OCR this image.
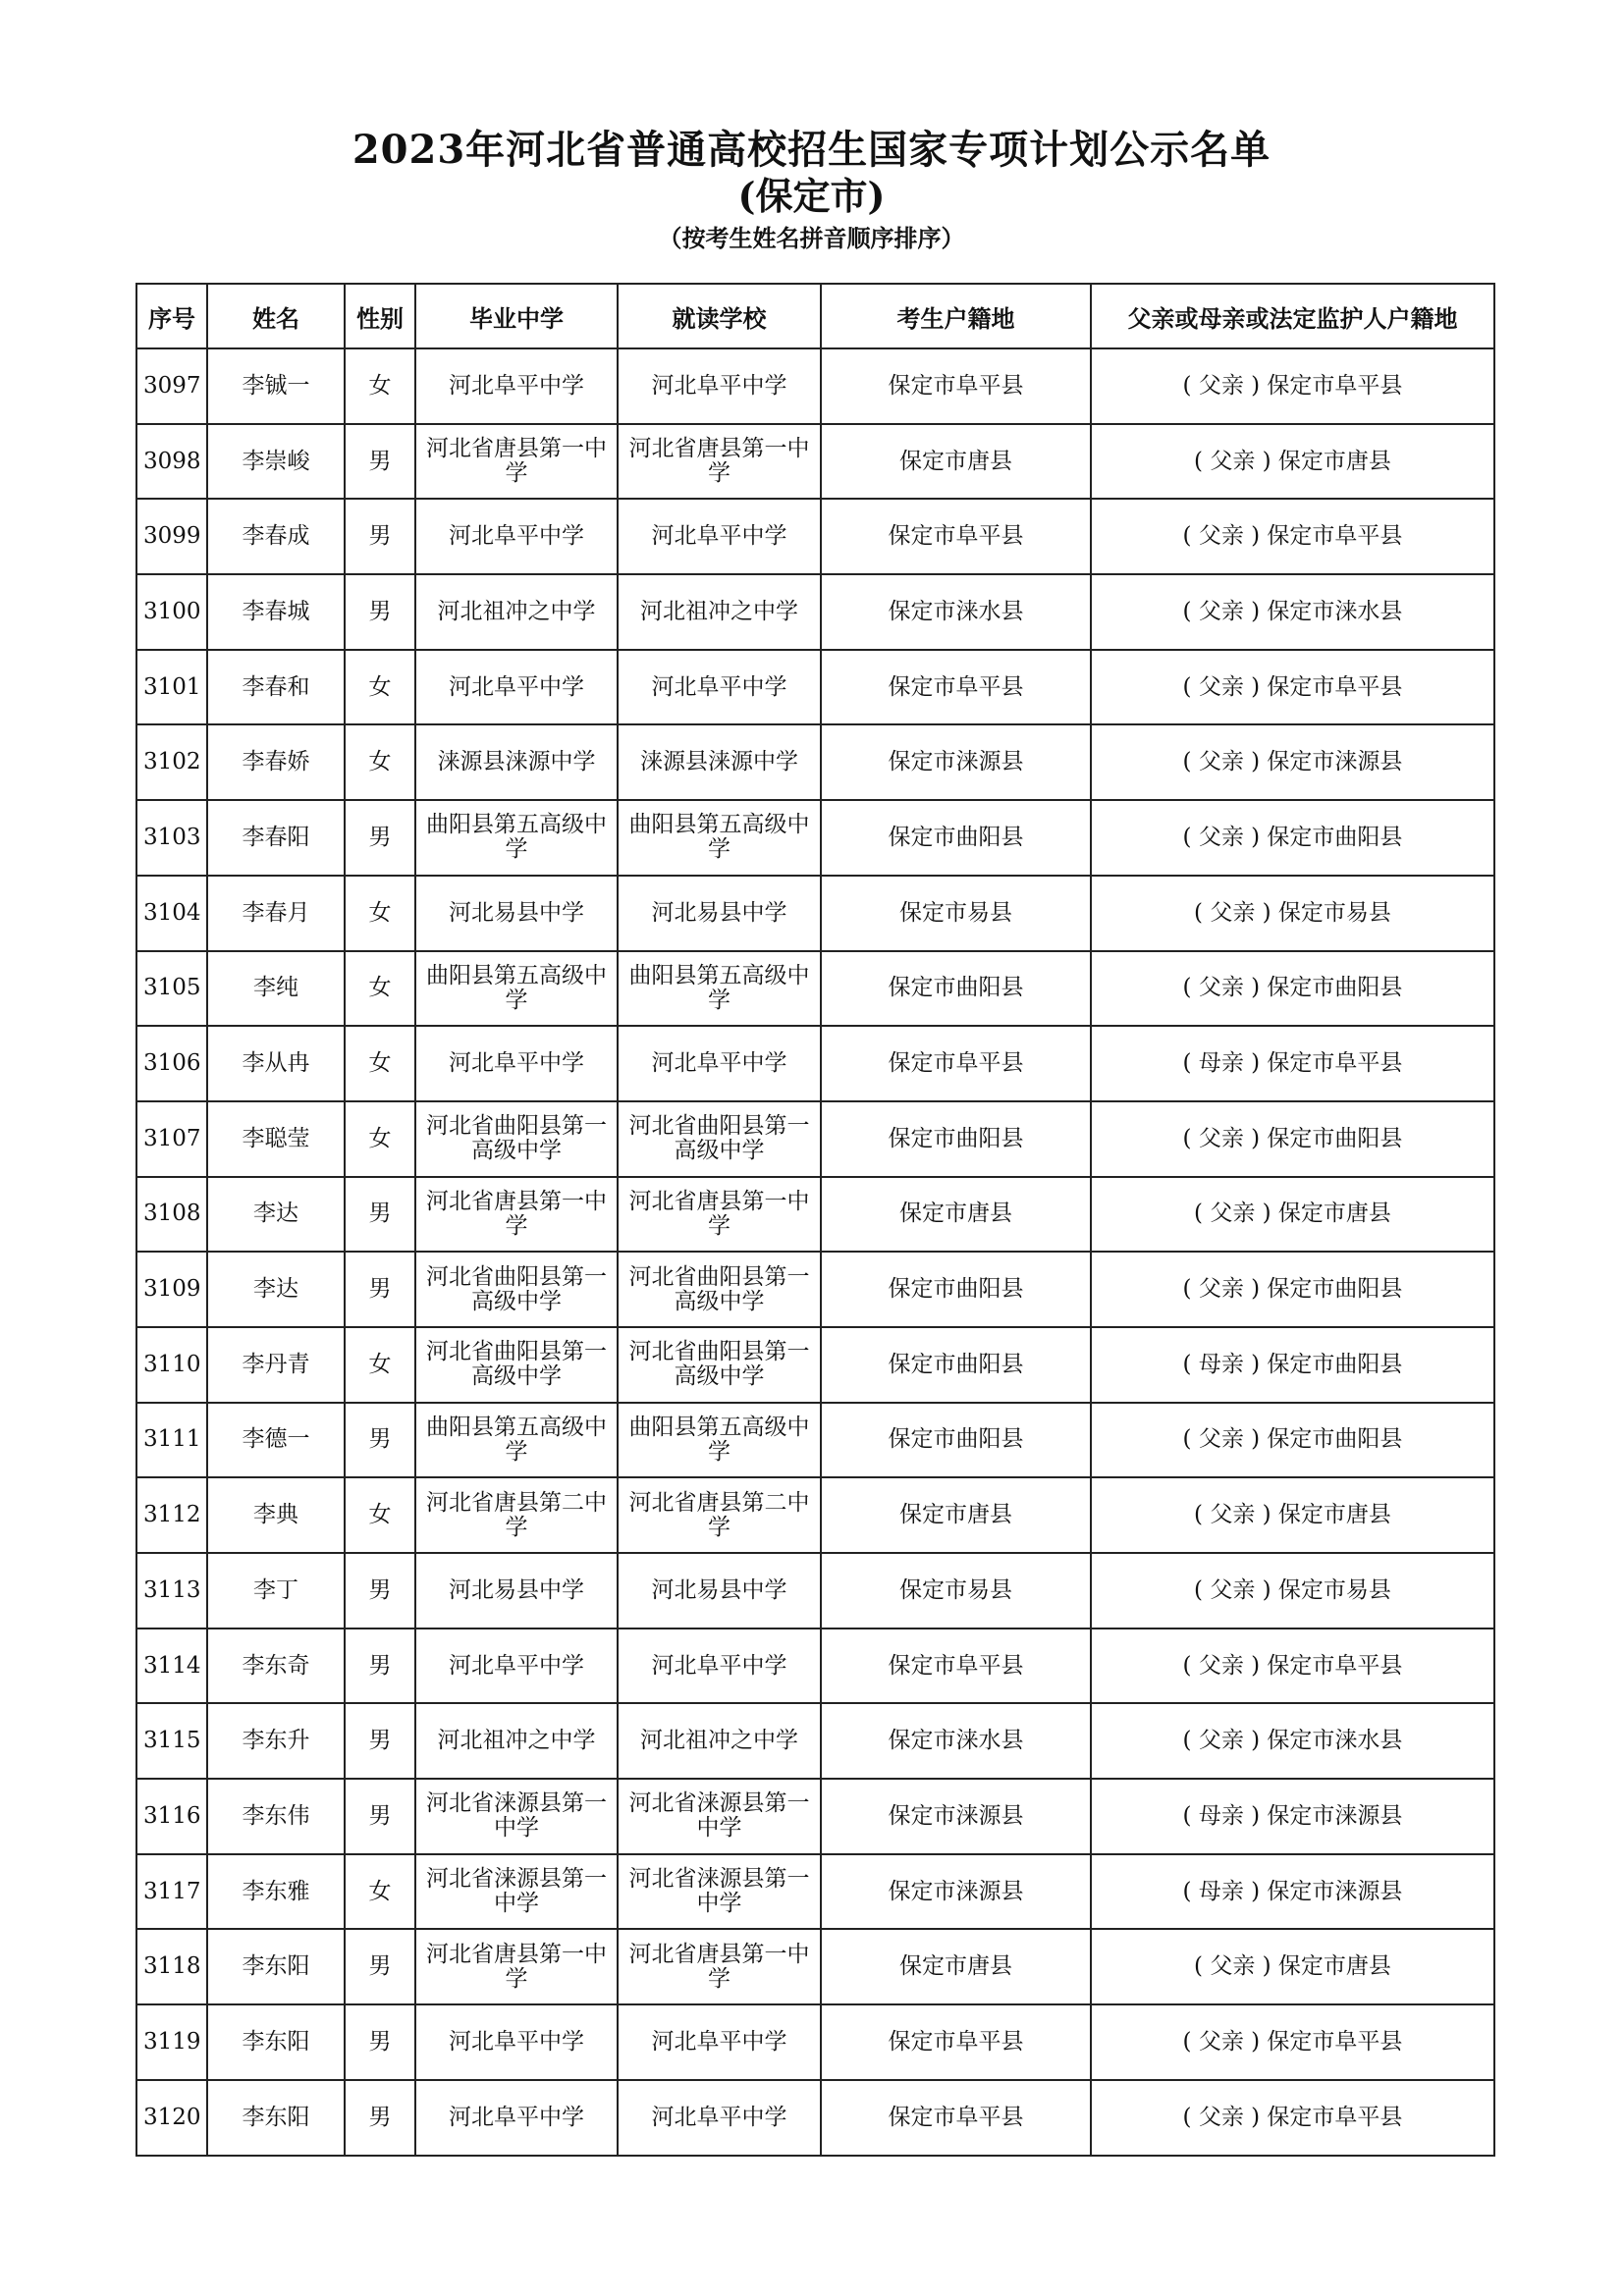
2023年河北省普通高校招生国家专项计划公示名单
(保定市)
（按考生姓名拼音顺序排序）
序号	姓名	性别	毕业中学	就读学校	考生户籍地	父亲或母亲或法定监护人户籍地
3097	李铖一	女	河北阜平中学	河北阜平中学	保定市阜平县	( 父亲 ) 保定市阜平县
3098	李崇峻	男	河北省唐县第一中学	河北省唐县第一中学	保定市唐县	( 父亲 ) 保定市唐县
3099	李春成	男	河北阜平中学	河北阜平中学	保定市阜平县	( 父亲 ) 保定市阜平县
3100	李春城	男	河北祖冲之中学	河北祖冲之中学	保定市涞水县	( 父亲 ) 保定市涞水县
3101	李春和	女	河北阜平中学	河北阜平中学	保定市阜平县	( 父亲 ) 保定市阜平县
3102	李春娇	女	涞源县涞源中学	涞源县涞源中学	保定市涞源县	( 父亲 ) 保定市涞源县
3103	李春阳	男	曲阳县第五高级中学	曲阳县第五高级中学	保定市曲阳县	( 父亲 ) 保定市曲阳县
3104	李春月	女	河北易县中学	河北易县中学	保定市易县	( 父亲 ) 保定市易县
3105	李纯	女	曲阳县第五高级中学	曲阳县第五高级中学	保定市曲阳县	( 父亲 ) 保定市曲阳县
3106	李从冉	女	河北阜平中学	河北阜平中学	保定市阜平县	( 母亲 ) 保定市阜平县
3107	李聪莹	女	河北省曲阳县第一高级中学	河北省曲阳县第一高级中学	保定市曲阳县	( 父亲 ) 保定市曲阳县
3108	李达	男	河北省唐县第一中学	河北省唐县第一中学	保定市唐县	( 父亲 ) 保定市唐县
3109	李达	男	河北省曲阳县第一高级中学	河北省曲阳县第一高级中学	保定市曲阳县	( 父亲 ) 保定市曲阳县
3110	李丹青	女	河北省曲阳县第一高级中学	河北省曲阳县第一高级中学	保定市曲阳县	( 母亲 ) 保定市曲阳县
3111	李德一	男	曲阳县第五高级中学	曲阳县第五高级中学	保定市曲阳县	( 父亲 ) 保定市曲阳县
3112	李典	女	河北省唐县第二中学	河北省唐县第二中学	保定市唐县	( 父亲 ) 保定市唐县
3113	李丁	男	河北易县中学	河北易县中学	保定市易县	( 父亲 ) 保定市易县
3114	李东奇	男	河北阜平中学	河北阜平中学	保定市阜平县	( 父亲 ) 保定市阜平县
3115	李东升	男	河北祖冲之中学	河北祖冲之中学	保定市涞水县	( 父亲 ) 保定市涞水县
3116	李东伟	男	河北省涞源县第一中学	河北省涞源县第一中学	保定市涞源县	( 母亲 ) 保定市涞源县
3117	李东雅	女	河北省涞源县第一中学	河北省涞源县第一中学	保定市涞源县	( 母亲 ) 保定市涞源县
3118	李东阳	男	河北省唐县第一中学	河北省唐县第一中学	保定市唐县	( 父亲 ) 保定市唐县
3119	李东阳	男	河北阜平中学	河北阜平中学	保定市阜平县	( 父亲 ) 保定市阜平县
3120	李东阳	男	河北阜平中学	河北阜平中学	保定市阜平县	( 父亲 ) 保定市阜平县
